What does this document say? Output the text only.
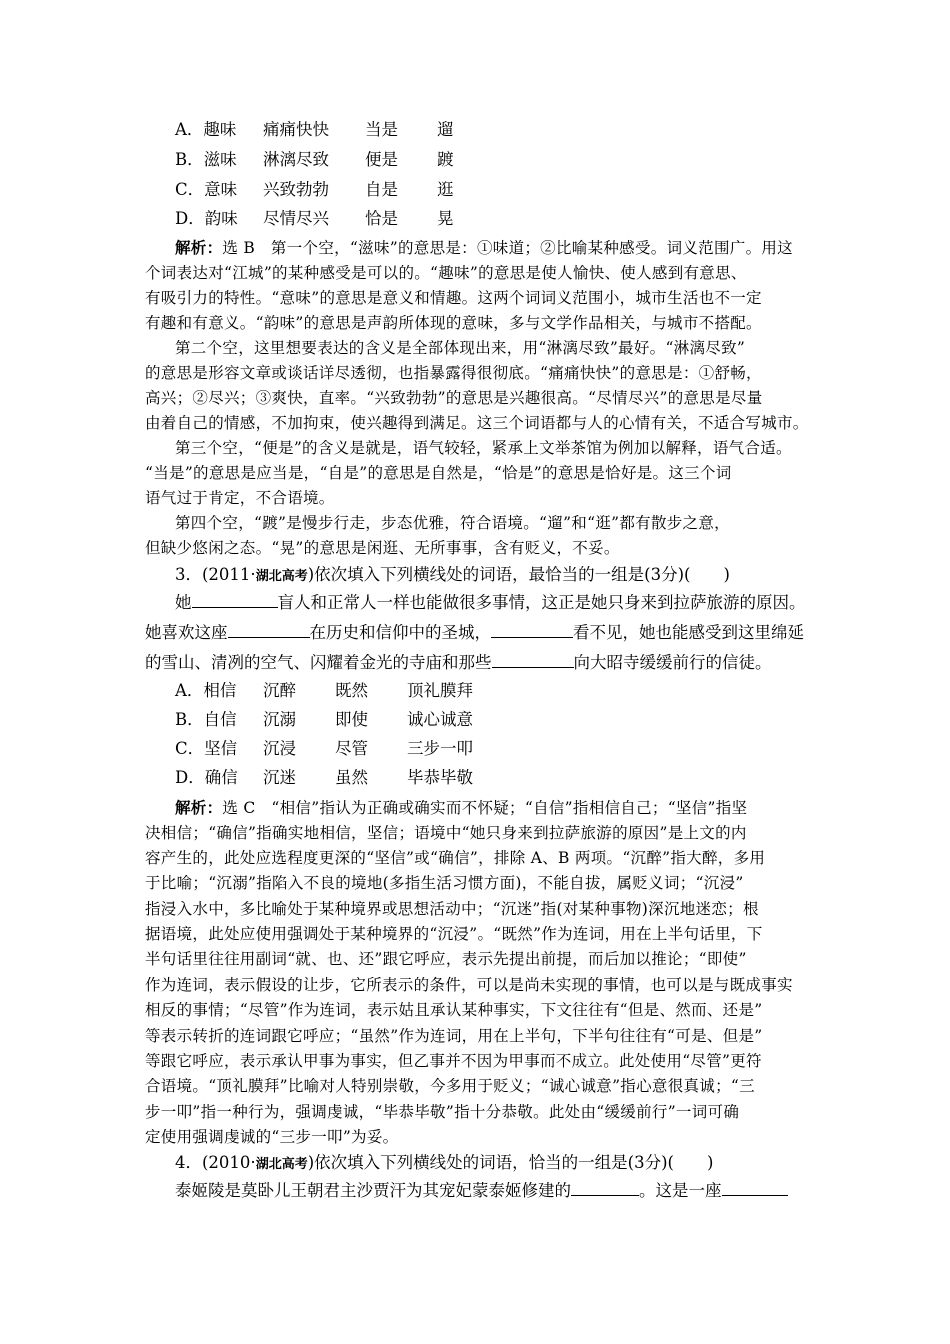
A．趣味 痛痛快快 当是 遛
B．滋味 淋漓尽致 便是 踱
C．意味 兴致勃勃 自是 逛
D．韵味 尽情尽兴 恰是 晃
解析：选 B　第一个空，“滋味”的意思是：①味道；②比喻某种感受。词义范围广。用这
个词表达对“江城”的某种感受是可以的。“趣味”的意思是使人愉快、使人感到有意思、
有吸引力的特性。“意味”的意思是意义和情趣。这两个词词义范围小，城市生活也不一定
有趣和有意义。“韵味”的意思是声韵所体现的意味，多与文学作品相关，与城市不搭配。
第二个空，这里想要表达的含义是全部体现出来，用“淋漓尽致”最好。“淋漓尽致”
的意思是形容文章或谈话详尽透彻，也指暴露得很彻底。“痛痛快快”的意思是：①舒畅，
高兴；②尽兴；③爽快，直率。“兴致勃勃”的意思是兴趣很高。“尽情尽兴”的意思是尽量
由着自己的情感，不加拘束，使兴趣得到满足。这三个词语都与人的心情有关，不适合写城市。
第三个空，“便是”的含义是就是，语气较轻，紧承上文举茶馆为例加以解释，语气合适。
“当是”的意思是应当是，“自是”的意思是自然是，“恰是”的意思是恰好是。这三个词
语气过于肯定，不合语境。
第四个空，“踱”是慢步行走，步态优雅，符合语境。“遛”和“逛”都有散步之意，
但缺少悠闲之态。“晃”的意思是闲逛、无所事事，含有贬义，不妥。
3．(2011·湖北高考)依次填入下列横线处的词语，最恰当的一组是(3分)(　　)
她	盲人和正常人一样也能做很多事情，这正是她只身来到拉萨旅游的原因。
她喜欢这座	在历史和信仰中的圣城，	看不见，她也能感受到这里绵延
的雪山、清冽的空气、闪耀着金光的寺庙和那些	向大昭寺缓缓前行的信徒。
A．相信 沉醉 既然 顶礼膜拜
B．自信 沉溺 即使 诚心诚意
C．坚信 沉浸 尽管 三步一叩
D．确信 沉迷 虽然 毕恭毕敬
解析：选 C　“相信”指认为正确或确实而不怀疑；“自信”指相信自己；“坚信”指坚
决相信；“确信”指确实地相信，坚信；语境中“她只身来到拉萨旅游的原因”是上文的内
容产生的，此处应选程度更深的“坚信”或“确信”，排除 A、B 两项。“沉醉”指大醉，多用
于比喻；“沉溺”指陷入不良的境地(多指生活习惯方面)，不能自拔，属贬义词；“沉浸”
指浸入水中，多比喻处于某种境界或思想活动中；“沉迷”指(对某种事物)深沉地迷恋；根
据语境，此处应使用强调处于某种境界的“沉浸”。“既然”作为连词，用在上半句话里，下
半句话里往往用副词“就、也、还”跟它呼应，表示先提出前提，而后加以推论；“即使”
作为连词，表示假设的让步，它所表示的条件，可以是尚未实现的事情，也可以是与既成事实
相反的事情；“尽管”作为连词，表示姑且承认某种事实，下文往往有“但是、然而、还是”
等表示转折的连词跟它呼应；“虽然”作为连词，用在上半句，下半句往往有“可是、但是”
等跟它呼应，表示承认甲事为事实，但乙事并不因为甲事而不成立。此处使用“尽管”更符
合语境。“顶礼膜拜”比喻对人特别崇敬，今多用于贬义；“诚心诚意”指心意很真诚；“三
步一叩”指一种行为，强调虔诚，“毕恭毕敬”指十分恭敬。此处由“缓缓前行”一词可确
定使用强调虔诚的“三步一叩”为妥。
4．(2010·湖北高考)依次填入下列横线处的词语，恰当的一组是(3分)(　　)
泰姬陵是莫卧儿王朝君主沙贾汗为其宠妃蒙泰姬修建的	。这是一座
